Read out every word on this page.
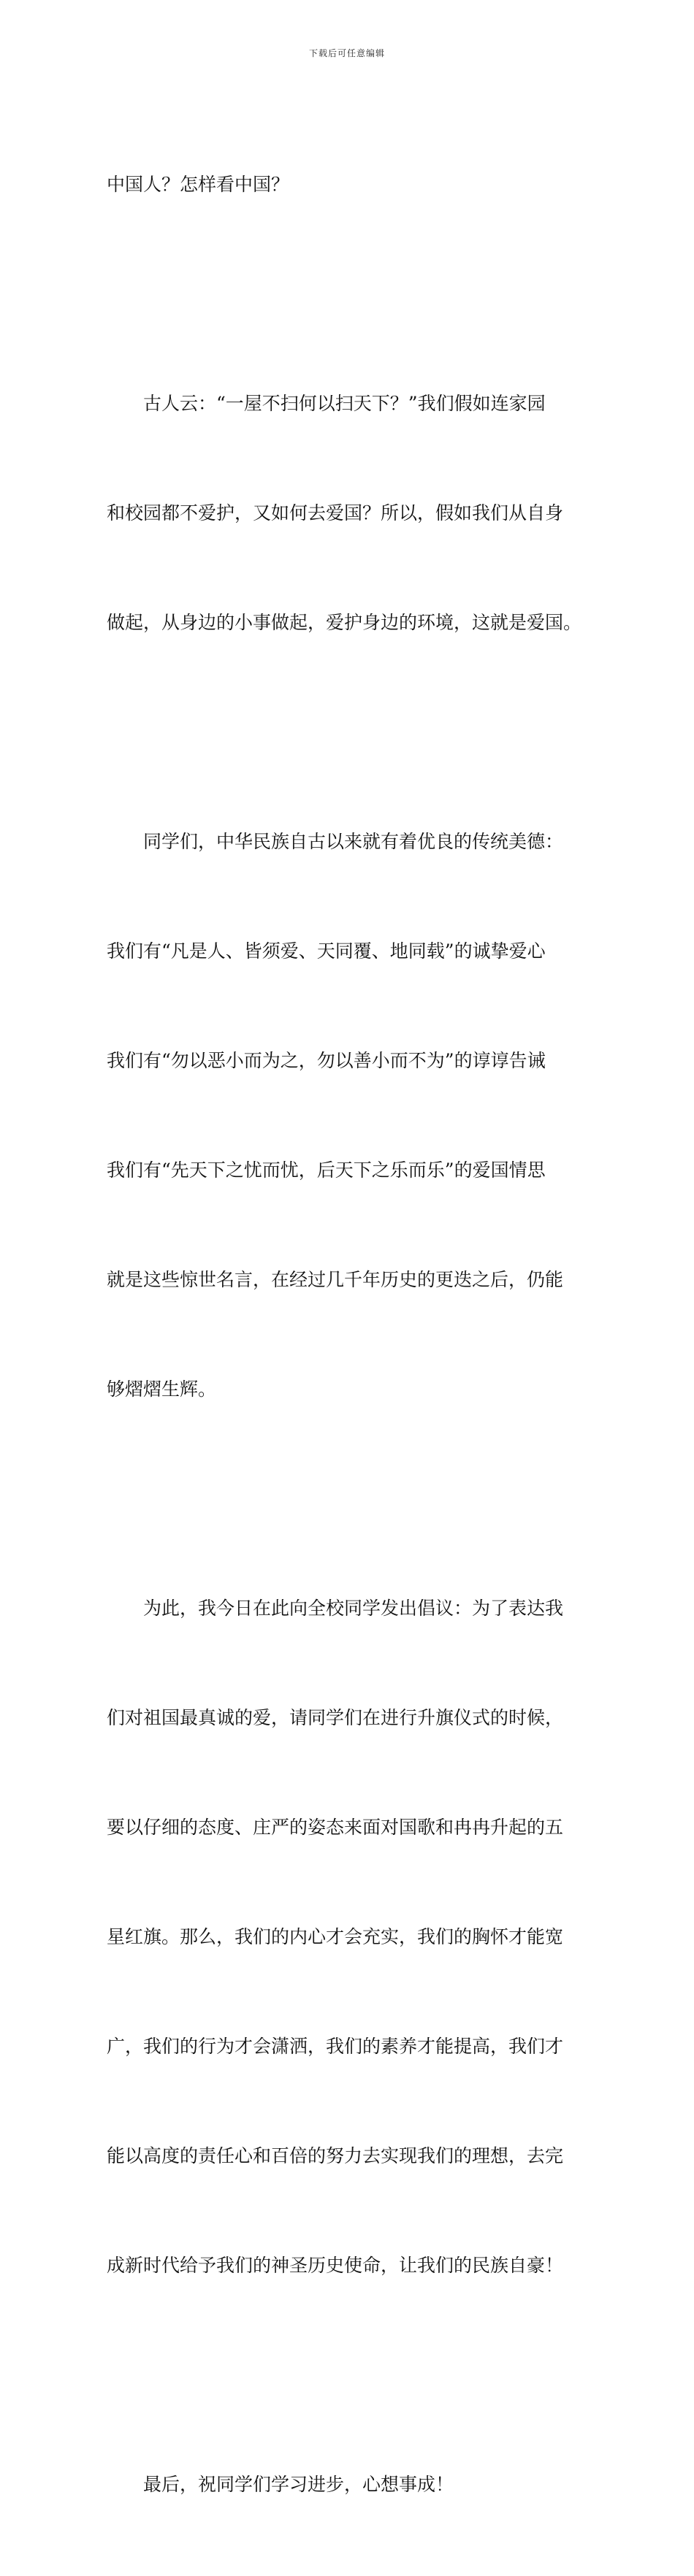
下载后可任意编辑

中国人？怎样看中国？

　　古人云：“一屋不扫何以扫天下？”我们假如连家园

和校园都不爱护，又如何去爱国？所以，假如我们从自身

做起，从身边的小事做起，爱护身边的环境，这就是爱国。

　　同学们，中华民族自古以来就有着优良的传统美德：

我们有“凡是人、皆须爱、天同覆、地同载”的诚挚爱心

我们有“勿以恶小而为之，勿以善小而不为”的谆谆告诫

我们有“先天下之忧而忧，后天下之乐而乐”的爱国情思

就是这些惊世名言，在经过几千年历史的更迭之后，仍能

够熠熠生辉。

　　为此，我今日在此向全校同学发出倡议：为了表达我

们对祖国最真诚的爱，请同学们在进行升旗仪式的时候，

要以仔细的态度、庄严的姿态来面对国歌和冉冉升起的五

星红旗。那么，我们的内心才会充实，我们的胸怀才能宽

广，我们的行为才会潇洒，我们的素养才能提高，我们才

能以高度的责任心和百倍的努力去实现我们的理想，去完

成新时代给予我们的神圣历史使命，让我们的民族自豪！

　　最后，祝同学们学习进步，心想事成！
